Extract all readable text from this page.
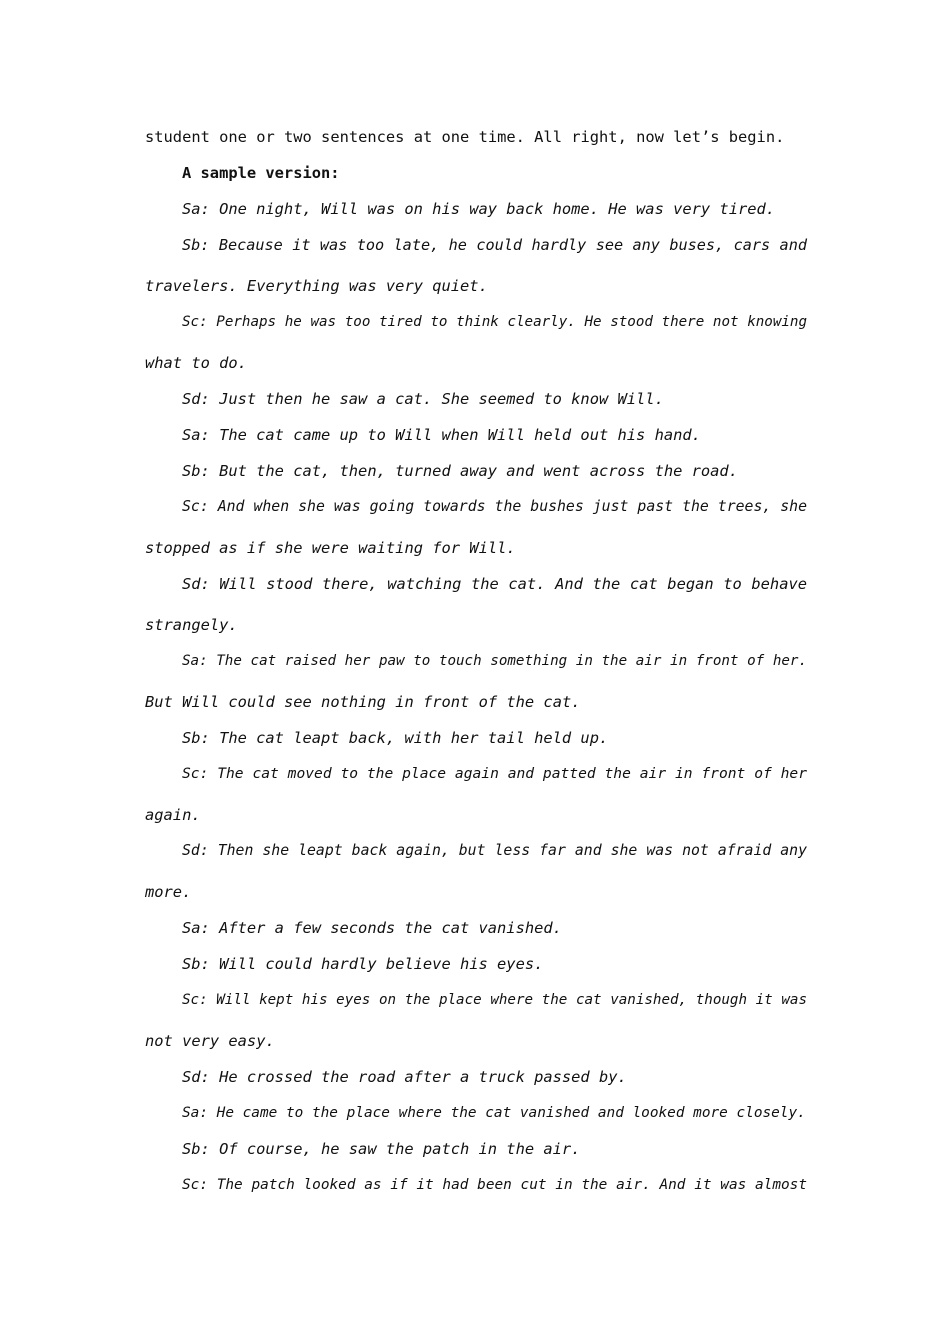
student one or two sentences at one time. All right, now let’s begin.
A sample version:
Sa: One night, Will was on his way back home. He was very tired.
Sb: Because it was too late, he could hardly see any buses, cars and
travelers. Everything was very quiet.
Sc: Perhaps he was too tired to think clearly. He stood there not knowing
what to do.
Sd: Just then he saw a cat. She seemed to know Will.
Sa: The cat came up to Will when Will held out his hand.
Sb: But the cat, then, turned away and went across the road.
Sc: And when she was going towards the bushes just past the trees, she
stopped as if she were waiting for Will.
Sd: Will stood there, watching the cat. And the cat began to behave
strangely.
Sa: The cat raised her paw to touch something in the air in front of her.
But Will could see nothing in front of the cat.
Sb: The cat leapt back, with her tail held up.
Sc: The cat moved to the place again and patted the air in front of her
again.
Sd: Then she leapt back again, but less far and she was not afraid any
more.
Sa: After a few seconds the cat vanished.
Sb: Will could hardly believe his eyes.
Sc: Will kept his eyes on the place where the cat vanished, though it was
not very easy.
Sd: He crossed the road after a truck passed by.
Sa: He came to the place where the cat vanished and looked more closely.
Sb: Of course, he saw the patch in the air.
Sc: The patch looked as if it had been cut in the air. And it was almost
